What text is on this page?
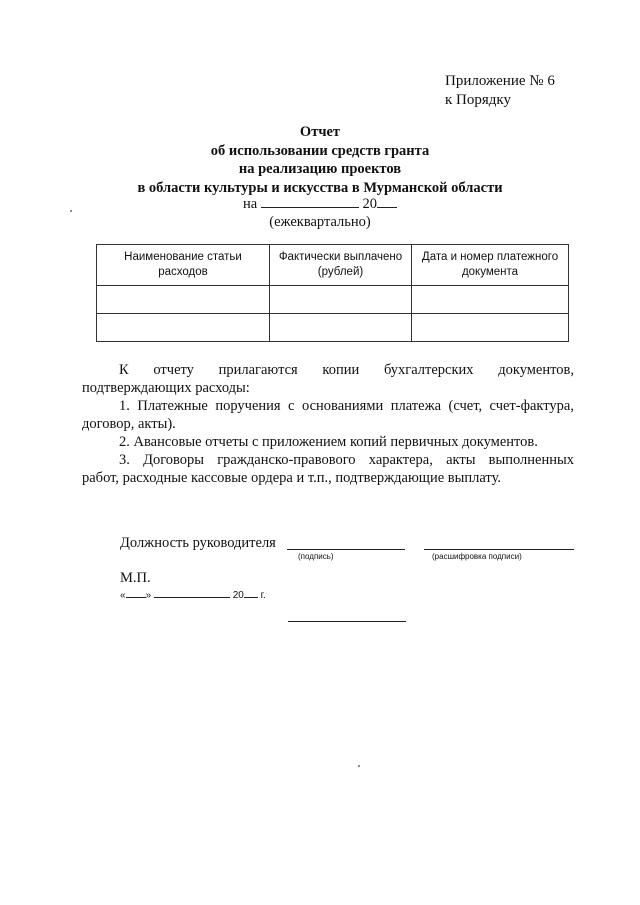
Приложение № 6
к Порядку
Отчет
об использовании средств гранта
на реализацию проектов
в области культуры и искусства в Мурманской области
на	20
(ежеквартально)
Наименование статьи расходов	Фактически выплачено (рублей)	Дата и номер платежного документа

К отчету прилагаются копии бухгалтерских документов,
подтверждающих расходы:
1. Платежные поручения с основаниями платежа (счет, счет-фактура,
договор, акты).
2. Авансовые отчеты с приложением копий первичных документов.
3. Договоры гражданско-правового характера, акты выполненных
работ, расходные кассовые ордера и т.п., подтверждающие выплату.
Должность руководителя
(подпись)	(расшифровка подписи)
М.П.
« »	20 г.
